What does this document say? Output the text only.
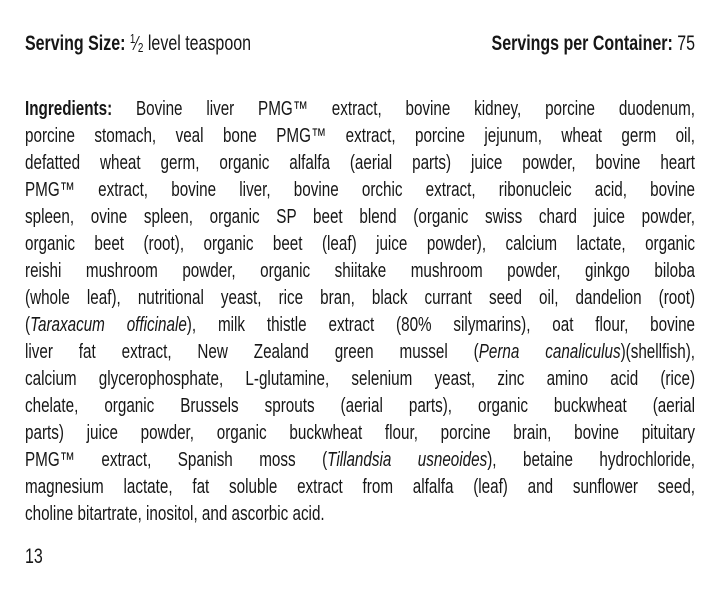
Serving Size: $^1⁄_2$ level teaspoon	Servings per Container: 75
Ingredients: Bovine liver PMG™ extract, bovine kidney, porcine duodenum,
porcine stomach, veal bone PMG™ extract, porcine jejunum, wheat germ oil,
defatted wheat germ, organic alfalfa (aerial parts) juice powder, bovine heart
PMG™ extract, bovine liver, bovine orchic extract, ribonucleic acid, bovine
spleen, ovine spleen, organic SP beet blend (organic swiss chard juice powder,
organic beet (root), organic beet (leaf) juice powder), calcium lactate, organic
reishi mushroom powder, organic shiitake mushroom powder, ginkgo biloba
(whole leaf), nutritional yeast, rice bran, black currant seed oil, dandelion (root)
(Taraxacum officinale), milk thistle extract (80% silymarins), oat flour, bovine
liver fat extract, New Zealand green mussel (Perna canaliculus)(shellfish),
calcium glycerophosphate, L-glutamine, selenium yeast, zinc amino acid (rice)
chelate, organic Brussels sprouts (aerial parts), organic buckwheat (aerial
parts) juice powder, organic buckwheat flour, porcine brain, bovine pituitary
PMG™ extract, Spanish moss (Tillandsia usneoides), betaine hydrochloride,
magnesium lactate, fat soluble extract from alfalfa (leaf) and sunflower seed,
choline bitartrate, inositol, and ascorbic acid.
13
